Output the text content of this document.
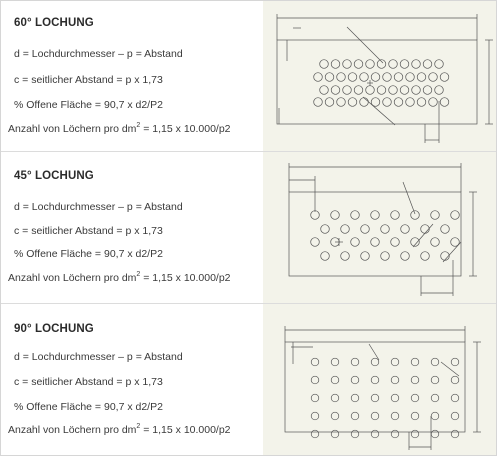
60° LOCHUNG
d = Lochdurchmesser – p = Abstand
c = seitlicher Abstand = p x 1,73
% Offene Fläche = 90,7 x d2/P2
Anzahl von Löchern pro $dm^2 = 1,15$ x 10.000/p2
45° LOCHUNG
d = Lochdurchmesser – p = Abstand
c = seitlicher Abstand = p x 1,73
% Offene Fläche = 90,7 x d2/P2
Anzahl von Löchern pro $dm^2 = 1,15$ x 10.000/p2
90° LOCHUNG
d = Lochdurchmesser – p = Abstand
c = seitlicher Abstand = p x 1,73
% Offene Fläche = 90,7 x d2/P2
Anzahl von Löchern pro $dm^2 = 1,15$ x 10.000/p2
